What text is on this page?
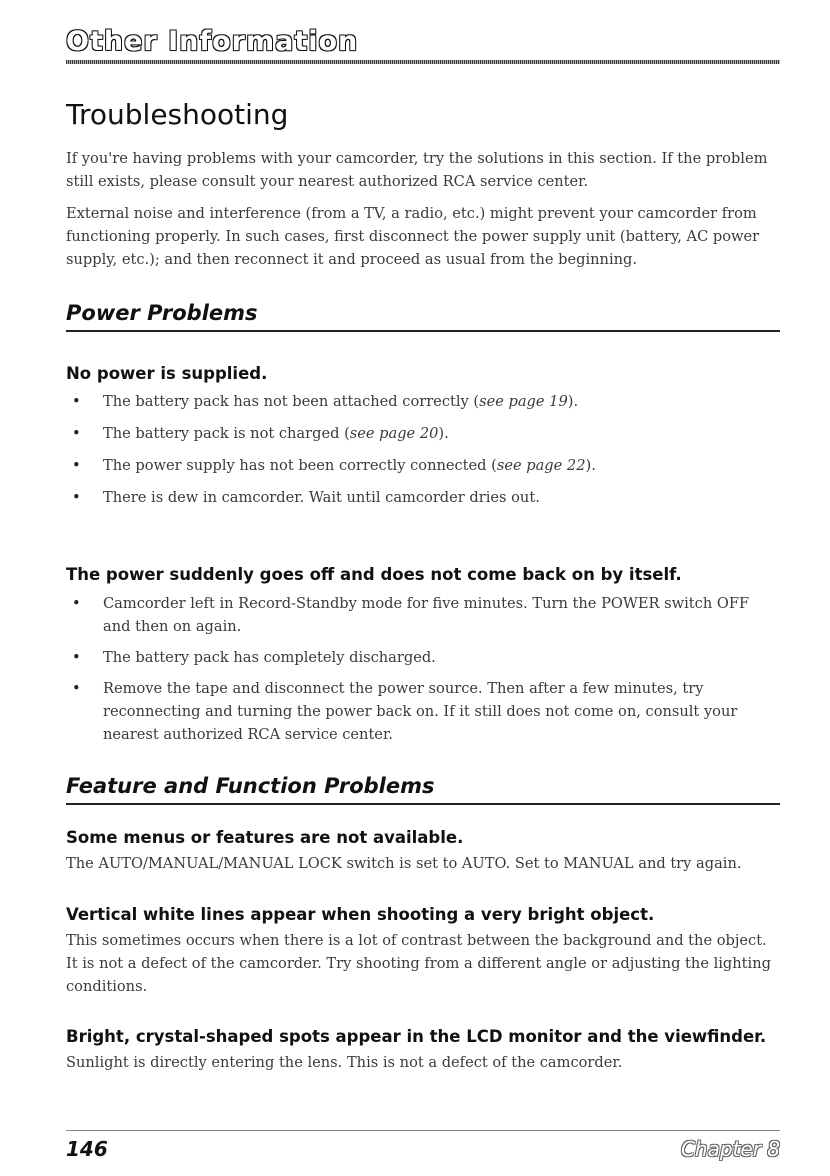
Other Information
Troubleshooting

If you're having problems with your camcorder, try the solutions in this section. If the problem still exists, please consult your nearest authorized RCA service center.

External noise and interference (from a TV, a radio, etc.) might prevent your camcorder from functioning properly. In such cases, first disconnect the power supply unit (battery, AC power supply, etc.); and then reconnect it and proceed as usual from the beginning.

Power Problems
No power is supplied.
• The battery pack has not been attached correctly (see page 19).
• The battery pack is not charged (see page 20).
• The power supply has not been correctly connected (see page 22).
• There is dew in camcorder. Wait until camcorder dries out.
The power suddenly goes off and does not come back on by itself.
• Camcorder left in Record-Standby mode for five minutes. Turn the POWER switch OFF and then on again.
• The battery pack has completely discharged.
• Remove the tape and disconnect the power source. Then after a few minutes, try reconnecting and turning the power back on. If it still does not come on, consult your nearest authorized RCA service center.
Feature and Function Problems
Some menus or features are not available.

The AUTO/MANUAL/MANUAL LOCK switch is set to AUTO. Set to MANUAL and try again.

Vertical white lines appear when shooting a very bright object.

This sometimes occurs when there is a lot of contrast between the background and the object. It is not a defect of the camcorder. Try shooting from a different angle or adjusting the lighting conditions.

Bright, crystal-shaped spots appear in the LCD monitor and the viewfinder.

Sunlight is directly entering the lens. This is not a defect of the camcorder.

146	Chapter 8
